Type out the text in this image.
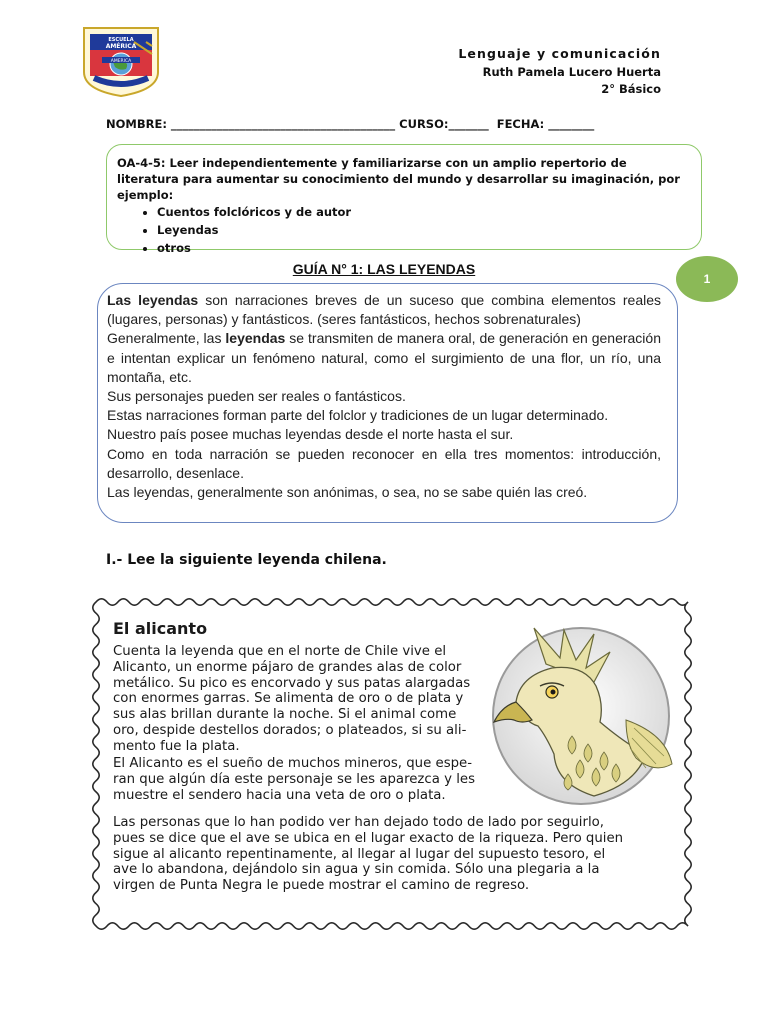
ESCUELA
AMÉRICA
AMERICA
RIACHUELO
Lenguaje y comunicación
Ruth Pamela Lucero Huerta
2° Básico
NOMBRE: _______________________________________ CURSO:_______  FECHA: ________
OA-4-5: Leer independientemente y familiarizarse con un amplio repertorio de literatura para aumentar su conocimiento del mundo y desarrollar su imaginación, por ejemplo:
• Cuentos folclóricos y de autor
• Leyendas
• otros
GUÍA N° 1: LAS LEYENDAS
1

Las leyendas son narraciones breves de un suceso que combina elementos reales (lugares, personas) y fantásticos. (seres fantásticos, hechos sobrenaturales)

Generalmente, las leyendas se transmiten de manera oral, de generación en generación e intentan explicar un fenómeno natural, como el surgimiento de una flor, un río, una montaña, etc.

Sus personajes pueden ser reales o fantásticos.

Estas narraciones forman parte del folclor y tradiciones de un lugar determinado.

Nuestro país posee muchas leyendas desde el norte hasta el sur.

Como en toda narración se pueden reconocer en ella tres momentos: introducción, desarrollo, desenlace.

Las leyendas, generalmente son anónimas, o sea, no se sabe quién las creó.

I.- Lee la siguiente leyenda chilena.
El alicanto

Cuenta la leyenda que en el norte de Chile vive el Alicanto, un enorme pájaro de grandes alas de color metálico. Su pico es encorvado y sus patas alargadas con enormes garras. Se alimenta de oro o de plata y sus alas brillan durante la noche. Si el animal come oro, despide destellos dorados; o plateados, si su ali-mento fue la plata.

El Alicanto es el sueño de muchos mineros, que espe-ran que algún día este personaje se les aparezca y les muestre el sendero hacia una veta de oro o plata.

Las personas que lo han podido ver han dejado todo de lado por seguirlo, pues se dice que el ave se ubica en el lugar exacto de la riqueza. Pero quien sigue al alicanto repentinamente, al llegar al lugar del supuesto tesoro, el ave lo abandona, dejándolo sin agua y sin comida. Sólo una plegaria a la virgen de Punta Negra le puede mostrar el camino de regreso.
